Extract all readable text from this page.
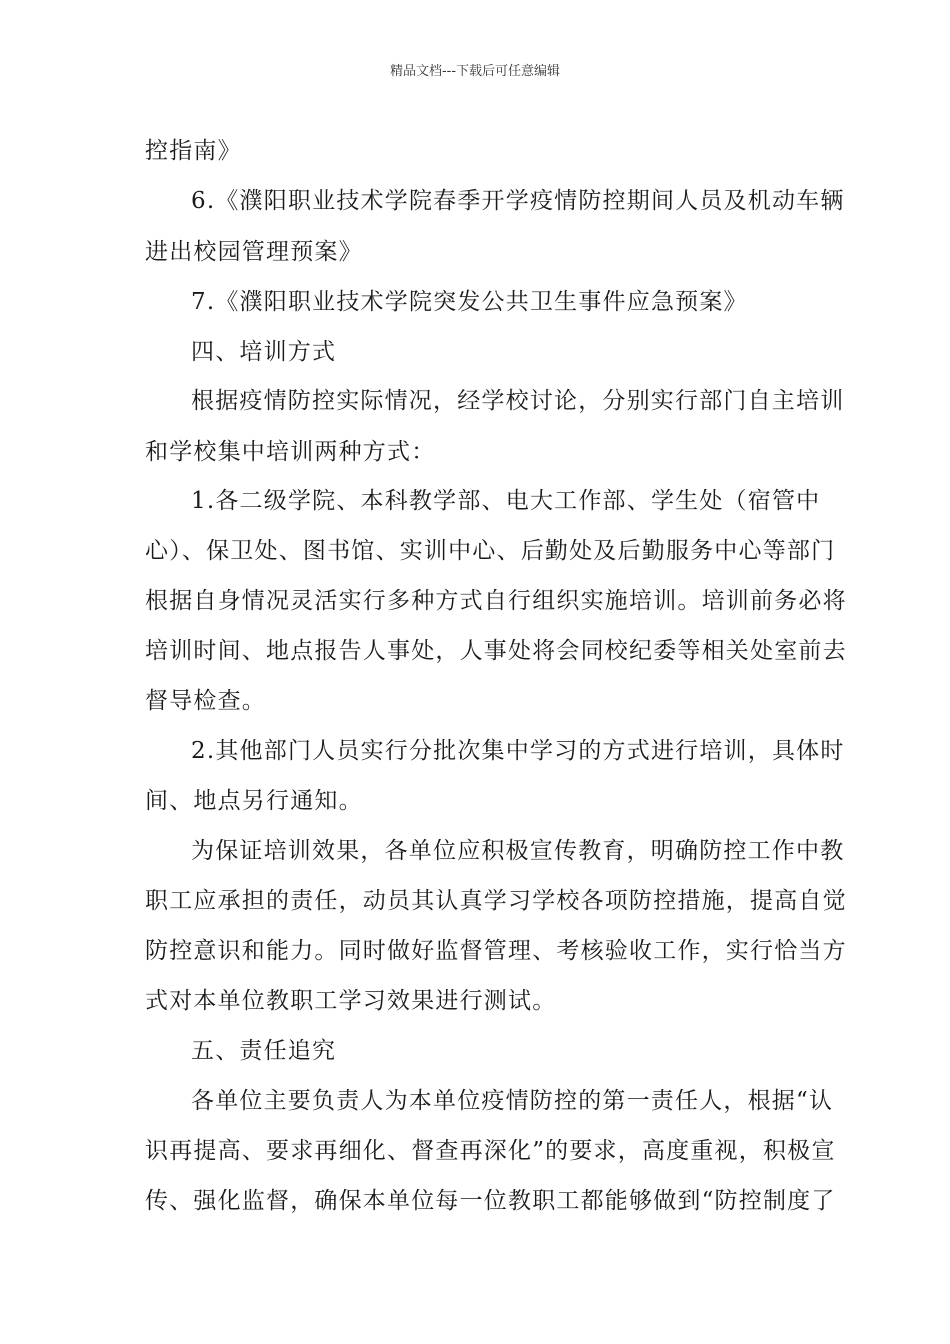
精品文档---下载后可任意编辑
控指南》
6.《濮阳职业技术学院春季开学疫情防控期间人员及机动车辆
进出校园管理预案》
7.《濮阳职业技术学院突发公共卫生事件应急预案》
四、培训方式
根据疫情防控实际情况，经学校讨论，分别实行部门自主培训
和学校集中培训两种方式：
1.各二级学院、本科教学部、电大工作部、学生处（宿管中
心）、保卫处、图书馆、实训中心、后勤处及后勤服务中心等部门
根据自身情况灵活实行多种方式自行组织实施培训。培训前务必将
培训时间、地点报告人事处，人事处将会同校纪委等相关处室前去
督导检查。
2.其他部门人员实行分批次集中学习的方式进行培训，具体时
间、地点另行通知。
为保证培训效果，各单位应积极宣传教育，明确防控工作中教
职工应承担的责任，动员其认真学习学校各项防控措施，提高自觉
防控意识和能力。同时做好监督管理、考核验收工作，实行恰当方
式对本单位教职工学习效果进行测试。
五、责任追究
各单位主要负责人为本单位疫情防控的第一责任人，根据“认
识再提高、要求再细化、督查再深化”的要求，高度重视，积极宣
传、强化监督，确保本单位每一位教职工都能够做到“防控制度了
